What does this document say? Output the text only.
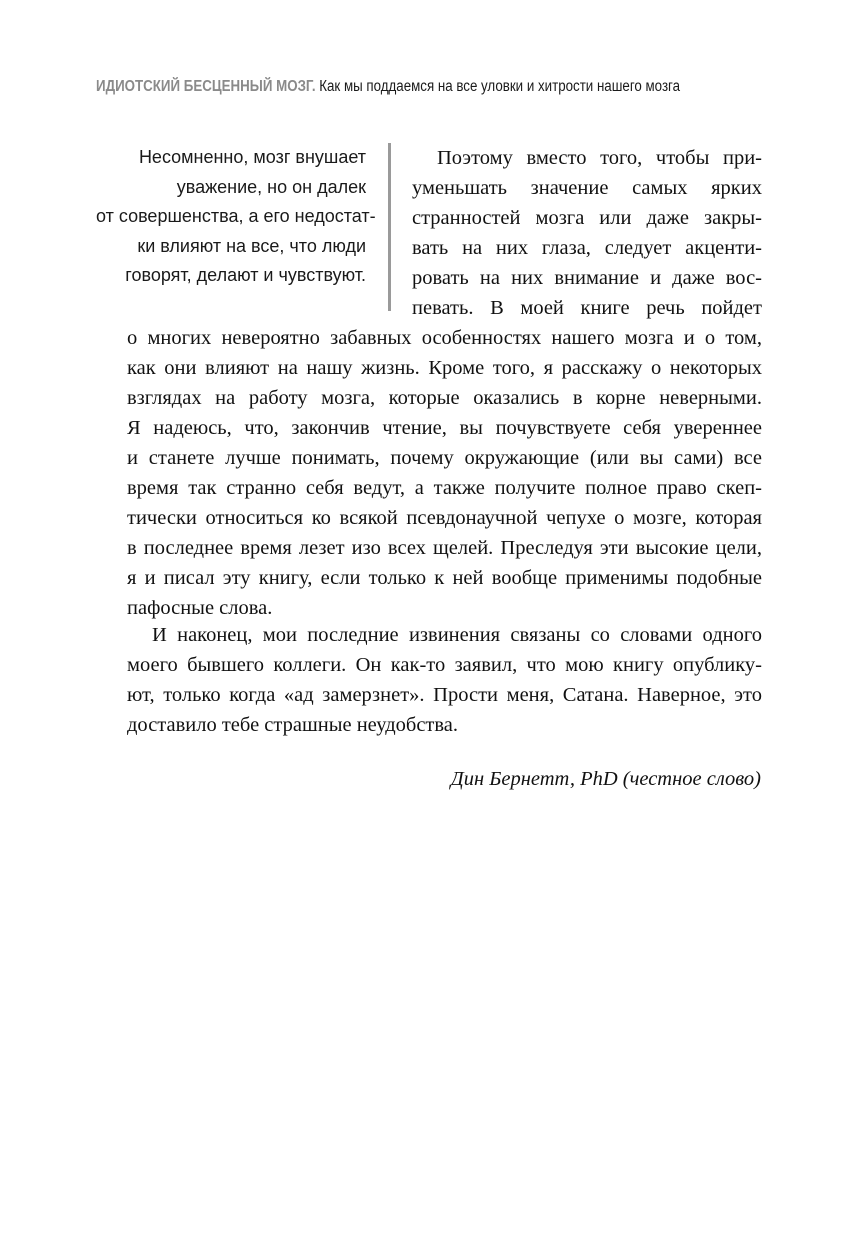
ИДИОТСКИЙ БЕСЦЕННЫЙ МОЗГ. Как мы поддаемся на все уловки и хитрости нашего мозга
Несомненно, мозг внушает
уважение, но он далек
от совершенства, а его недостат-
ки влияют на все, что люди
говорят, делают и чувствуют.
Поэтому вместо того, чтобы при-
уменьшать значение самых ярких
странностей мозга или даже закры-
вать на них глаза, следует акценти-
ровать на них внимание и даже вос-
певать. В моей книге речь пойдет
о многих невероятно забавных особенностях нашего мозга и о том,
как они влияют на нашу жизнь. Кроме того, я расскажу о некоторых
взглядах на работу мозга, которые оказались в корне неверными.
Я надеюсь, что, закончив чтение, вы почувствуете себя увереннее
и станете лучше понимать, почему окружающие (или вы сами) все
время так странно себя ведут, а также получите полное право скеп-
тически относиться ко всякой псевдонаучной чепухе о мозге, которая
в последнее время лезет изо всех щелей. Преследуя эти высокие цели,
я и писал эту книгу, если только к ней вообще применимы подобные
пафосные слова.
И наконец, мои последние извинения связаны со словами одного
моего бывшего коллеги. Он как-то заявил, что мою книгу опублику-
ют, только когда «ад замерзнет». Прости меня, Сатана. Наверное, это
доставило тебе страшные неудобства.
Дин Бернетт, PhD (честное слово)
